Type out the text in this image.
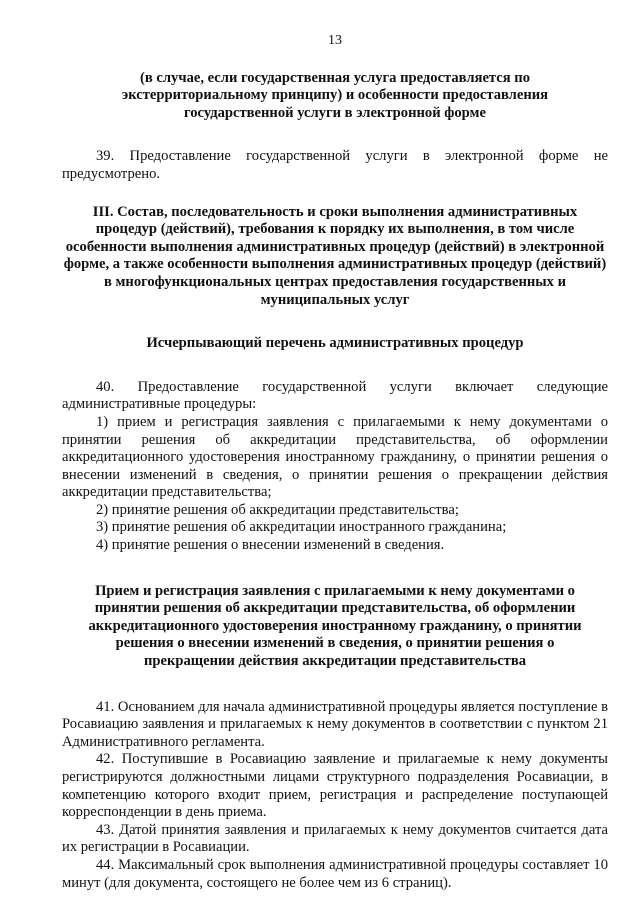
13

(в случае, если государственная услуга предоставляется по экстерриториальному принципу) и особенности предоставления государственной услуги в электронной форме

39. Предоставление государственной услуги в электронной форме не предусмотрено.

III. Состав, последовательность и сроки выполнения административных процедур (действий), требования к порядку их выполнения, в том числе особенности выполнения административных процедур (действий) в электронной форме, а также особенности выполнения административных процедур (действий) в многофункциональных центрах предоставления государственных и муниципальных услуг

Исчерпывающий перечень административных процедур

40. Предоставление государственной услуги включает следующие административные процедуры:

1) прием и регистрация заявления с прилагаемыми к нему документами о принятии решения об аккредитации представительства, об оформлении аккредитационного удостоверения иностранному гражданину, о принятии решения о внесении изменений в сведения, о принятии решения о прекращении действия аккредитации представительства;

2) принятие решения об аккредитации представительства;

3) принятие решения об аккредитации иностранного гражданина;

4) принятие решения о внесении изменений в сведения.

Прием и регистрация заявления с прилагаемыми к нему документами о принятии решения об аккредитации представительства, об оформлении аккредитационного удостоверения иностранному гражданину, о принятии решения о внесении изменений в сведения, о принятии решения о прекращении действия аккредитации представительства

41. Основанием для начала административной процедуры является поступление в Росавиацию заявления и прилагаемых к нему документов в соответствии с пунктом 21 Административного регламента.

42. Поступившие в Росавиацию заявление и прилагаемые к нему документы регистрируются должностными лицами структурного подразделения Росавиации, в компетенцию которого входит прием, регистрация и распределение поступающей корреспонденции в день приема.

43. Датой принятия заявления и прилагаемых к нему документов считается дата их регистрации в Росавиации.

44. Максимальный срок выполнения административной процедуры составляет 10 минут (для документа, состоящего не более чем из 6 страниц).
